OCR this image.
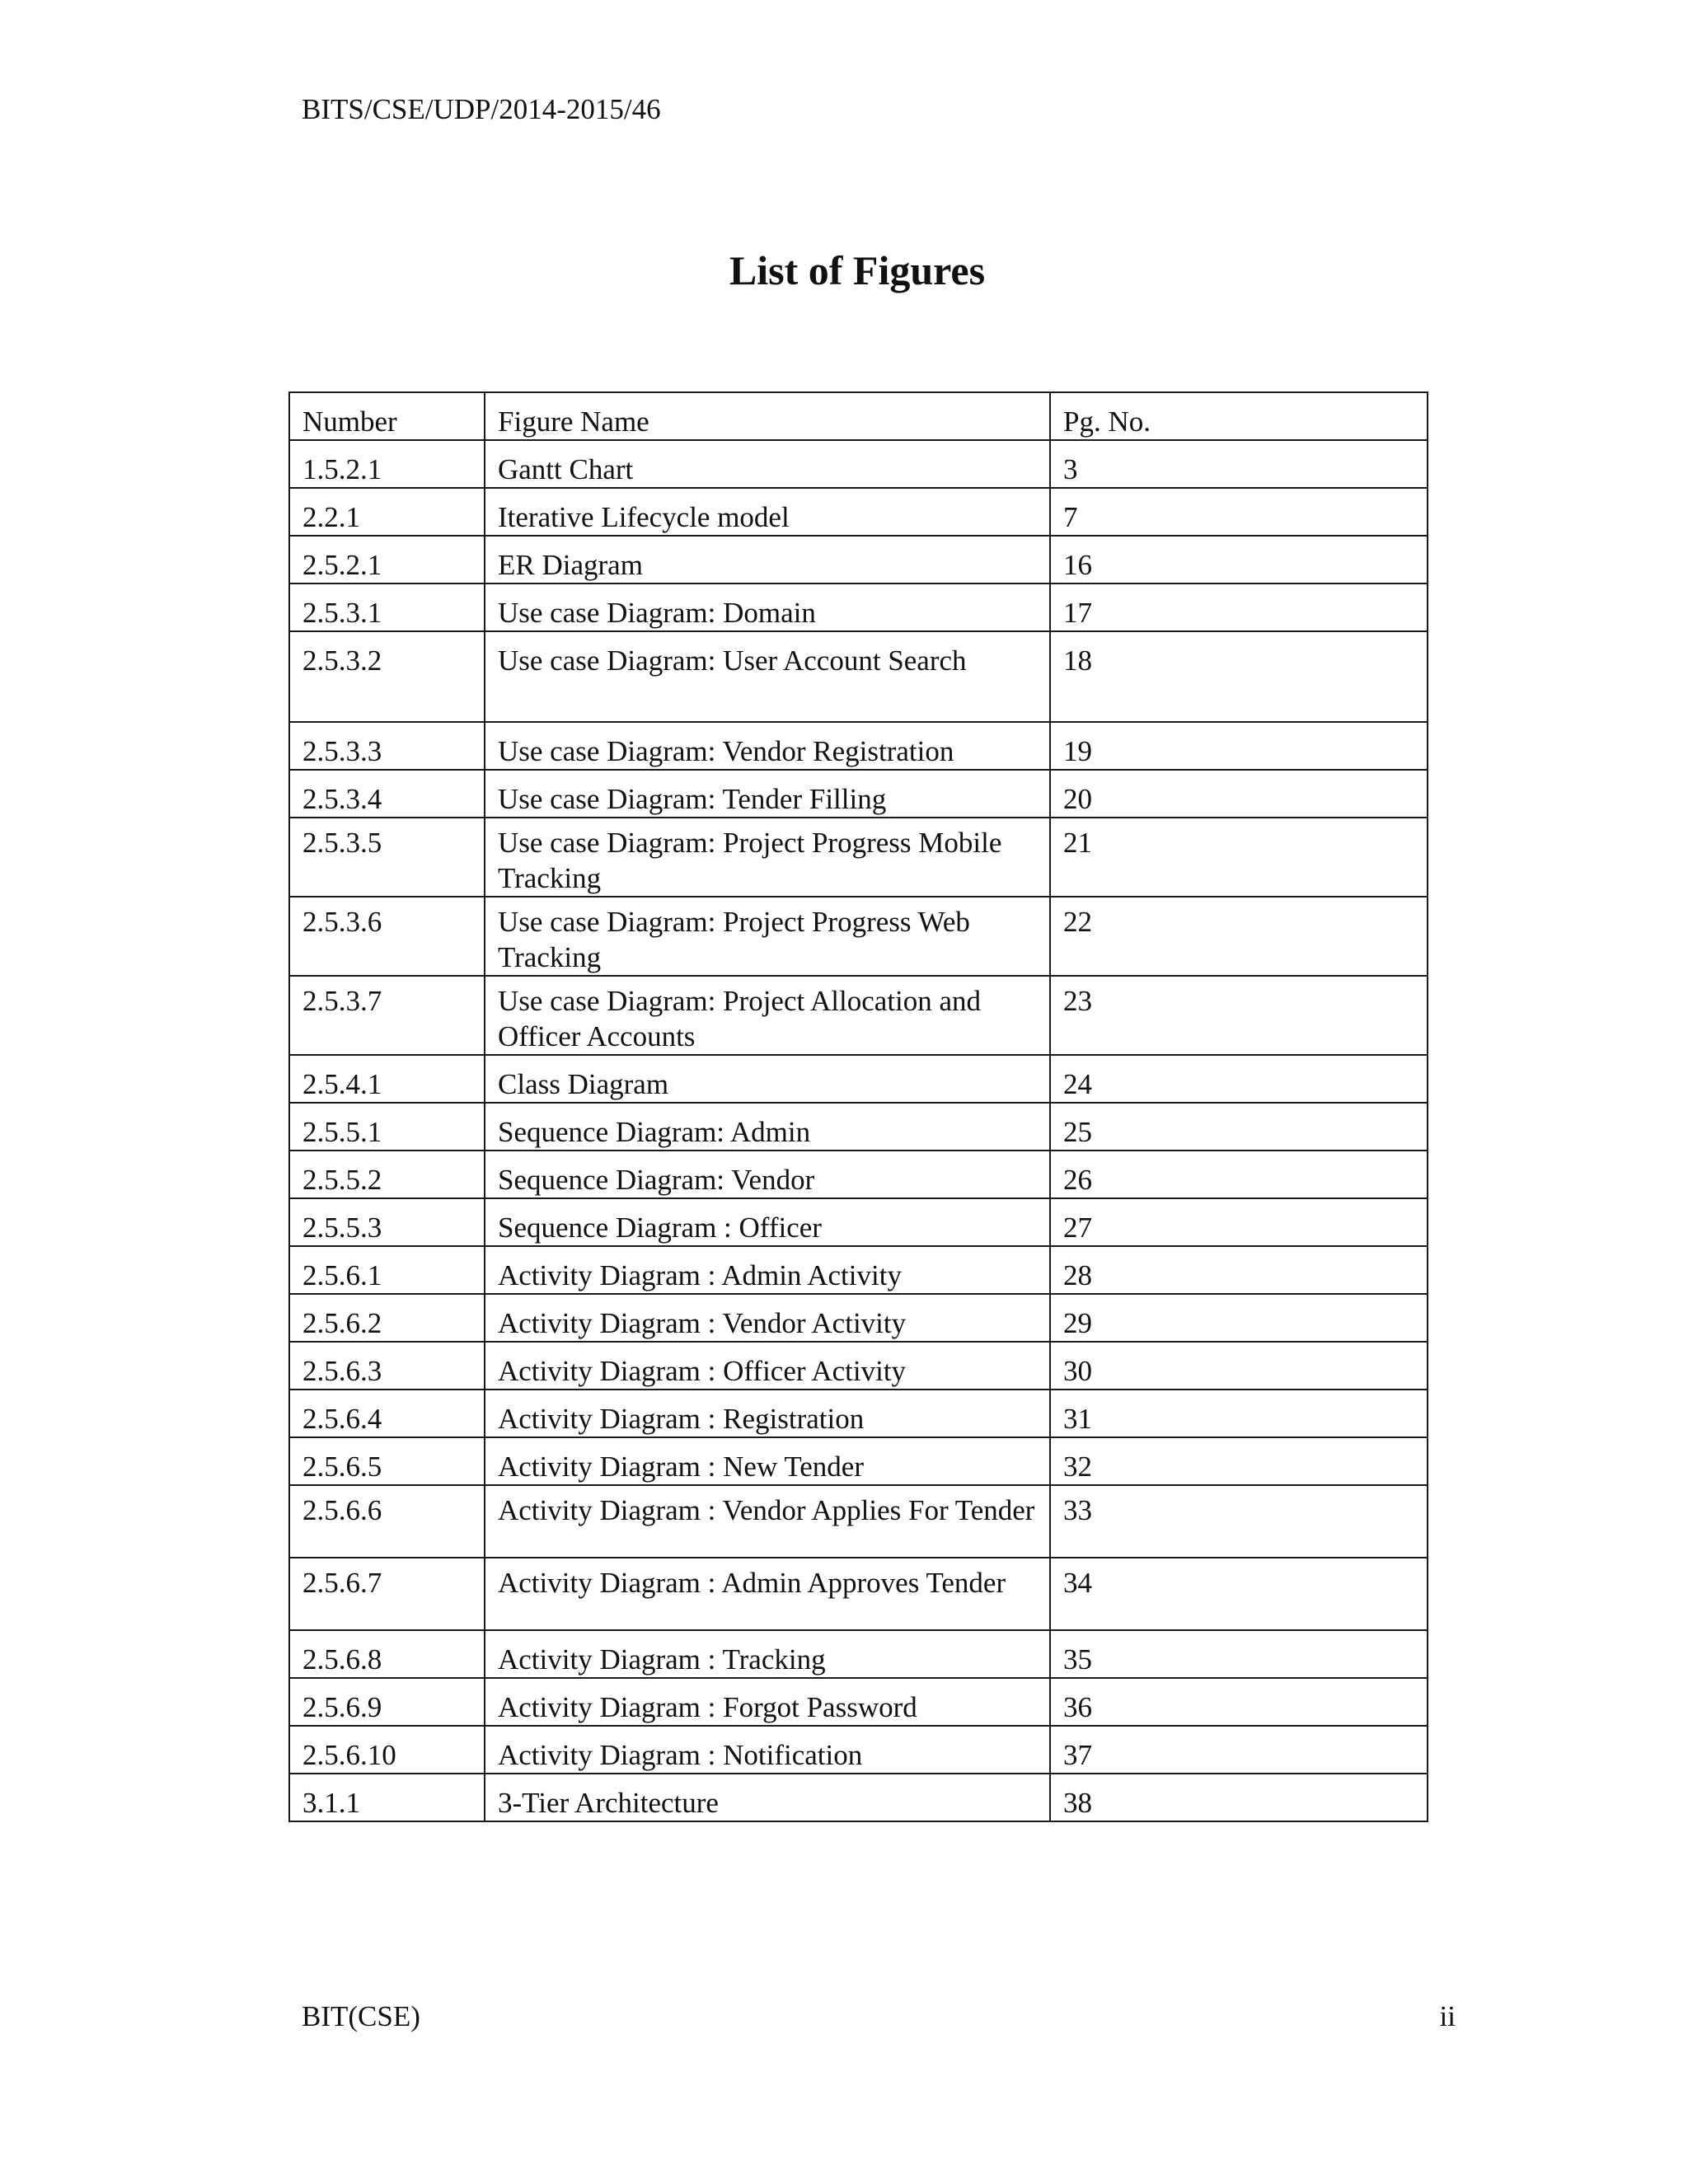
BITS/CSE/UDP/2014-2015/46
List of Figures
Number	Figure Name	Pg. No.
1.5.2.1	Gantt Chart	3
2.2.1	Iterative Lifecycle model	7
2.5.2.1	ER Diagram	16
2.5.3.1	Use case Diagram: Domain	17
2.5.3.2	Use case Diagram: User Account Search	18
2.5.3.3	Use case Diagram: Vendor Registration	19
2.5.3.4	Use case Diagram: Tender Filling	20
2.5.3.5	Use case Diagram: Project Progress Mobile Tracking	21
2.5.3.6	Use case Diagram: Project Progress Web Tracking	22
2.5.3.7	Use case Diagram: Project Allocation and Officer Accounts	23
2.5.4.1	Class Diagram	24
2.5.5.1	Sequence Diagram: Admin	25
2.5.5.2	Sequence Diagram: Vendor	26
2.5.5.3	Sequence Diagram : Officer	27
2.5.6.1	Activity Diagram : Admin Activity	28
2.5.6.2	Activity Diagram : Vendor Activity	29
2.5.6.3	Activity Diagram : Officer Activity	30
2.5.6.4	Activity Diagram : Registration	31
2.5.6.5	Activity Diagram : New Tender	32
2.5.6.6	Activity Diagram : Vendor Applies For Tender	33
2.5.6.7	Activity Diagram : Admin Approves Tender	34
2.5.6.8	Activity Diagram : Tracking	35
2.5.6.9	Activity Diagram : Forgot Password	36
2.5.6.10	Activity Diagram : Notification	37
3.1.1	3-Tier Architecture	38
BIT(CSE)	ii
